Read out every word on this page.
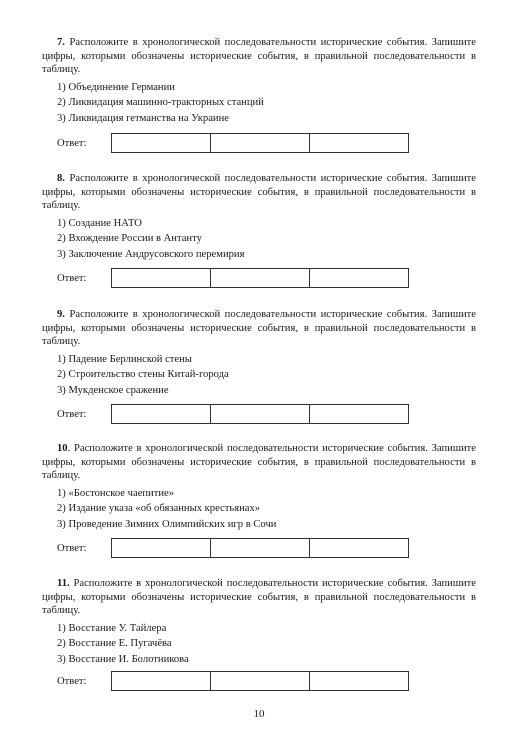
7. Расположите в хронологической последовательности исторические события. Запишите цифры, которыми обозначены исторические события, в правильной последовательности в таблицу.

1) Объединение Германии
2) Ликвидация машинно-тракторных станций
3) Ликвидация гетманства на Украине
Ответ:

8. Расположите в хронологической последовательности исторические события. Запишите цифры, которыми обозначены исторические события, в правильной последовательности в таблицу.

1) Создание НАТО
2) Вхождение России в Антанту
3) Заключение Андрусовского перемирия
Ответ:

9. Расположите в хронологической последовательности исторические события. Запишите цифры, которыми обозначены исторические события, в правильной последовательности в таблицу.

1) Падение Берлинской стены
2) Строительство стены Китай-города
3) Мукденское сражение
Ответ:

10. Расположите в хронологической последовательности исторические события. Запишите цифры, которыми обозначены исторические события, в правильной последовательности в таблицу.

1) «Бостонское чаепитие»
2) Издание указа «об обязанных крестьянах»
3) Проведение Зимних Олимпийских игр в Сочи
Ответ:

11. Расположите в хронологической последовательности исторические события. Запишите цифры, которыми обозначены исторические события, в правильной последовательности в таблицу.

1) Восстание У. Тайлера
2) Восстание Е. Пугачёва
3) Восстание И. Болотникова
Ответ:
10
